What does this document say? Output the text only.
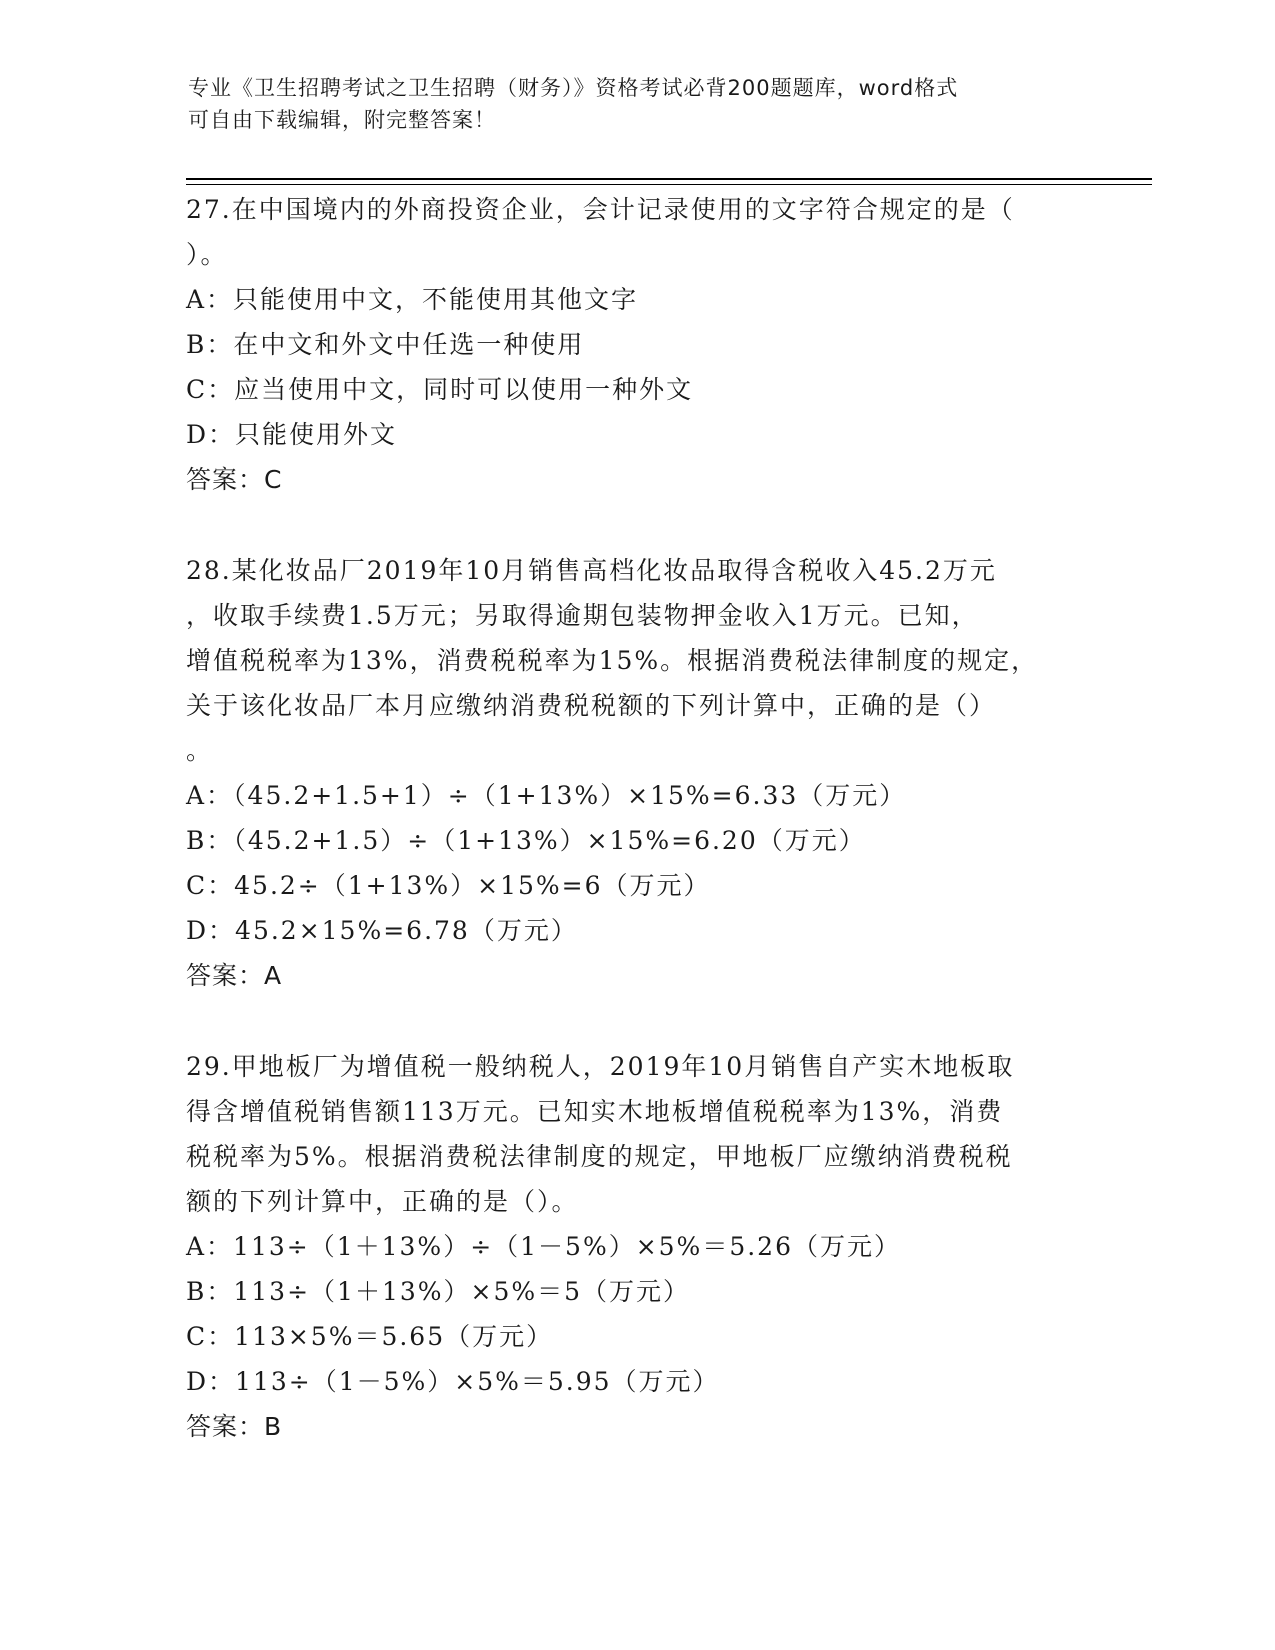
专业《卫生招聘考试之卫生招聘（财务）》资格考试必背200题题库，word格式
可自由下载编辑，附完整答案！
27.在中国境内的外商投资企业，会计记录使用的文字符合规定的是（
）。
A：只能使用中文，不能使用其他文字
B：在中文和外文中任选一种使用
C：应当使用中文，同时可以使用一种外文
D：只能使用外文
答案：C
28.某化妆品厂2019年10月销售高档化妆品取得含税收入45.2万元
，收取手续费1.5万元；另取得逾期包装物押金收入1万元。已知，
增值税税率为13%，消费税税率为15%。根据消费税法律制度的规定，
关于该化妆品厂本月应缴纳消费税税额的下列计算中，正确的是（）
。
A：（45.2+1.5+1）÷（1+13%）×15%=6.33（万元）
B：（45.2+1.5）÷（1+13%）×15%=6.20（万元）
C：45.2÷（1+13%）×15%=6（万元）
D：45.2×15%=6.78（万元）
答案：A
29.甲地板厂为增值税一般纳税人，2019年10月销售自产实木地板取
得含增值税销售额113万元。已知实木地板增值税税率为13%，消费
税税率为5%。根据消费税法律制度的规定，甲地板厂应缴纳消费税税
额的下列计算中，正确的是（）。
A：113÷（1＋13%）÷（1－5%）×5%＝5.26（万元）
B：113÷（1＋13%）×5%＝5（万元）
C：113×5%＝5.65（万元）
D：113÷（1－5%）×5%＝5.95（万元）
答案：B
